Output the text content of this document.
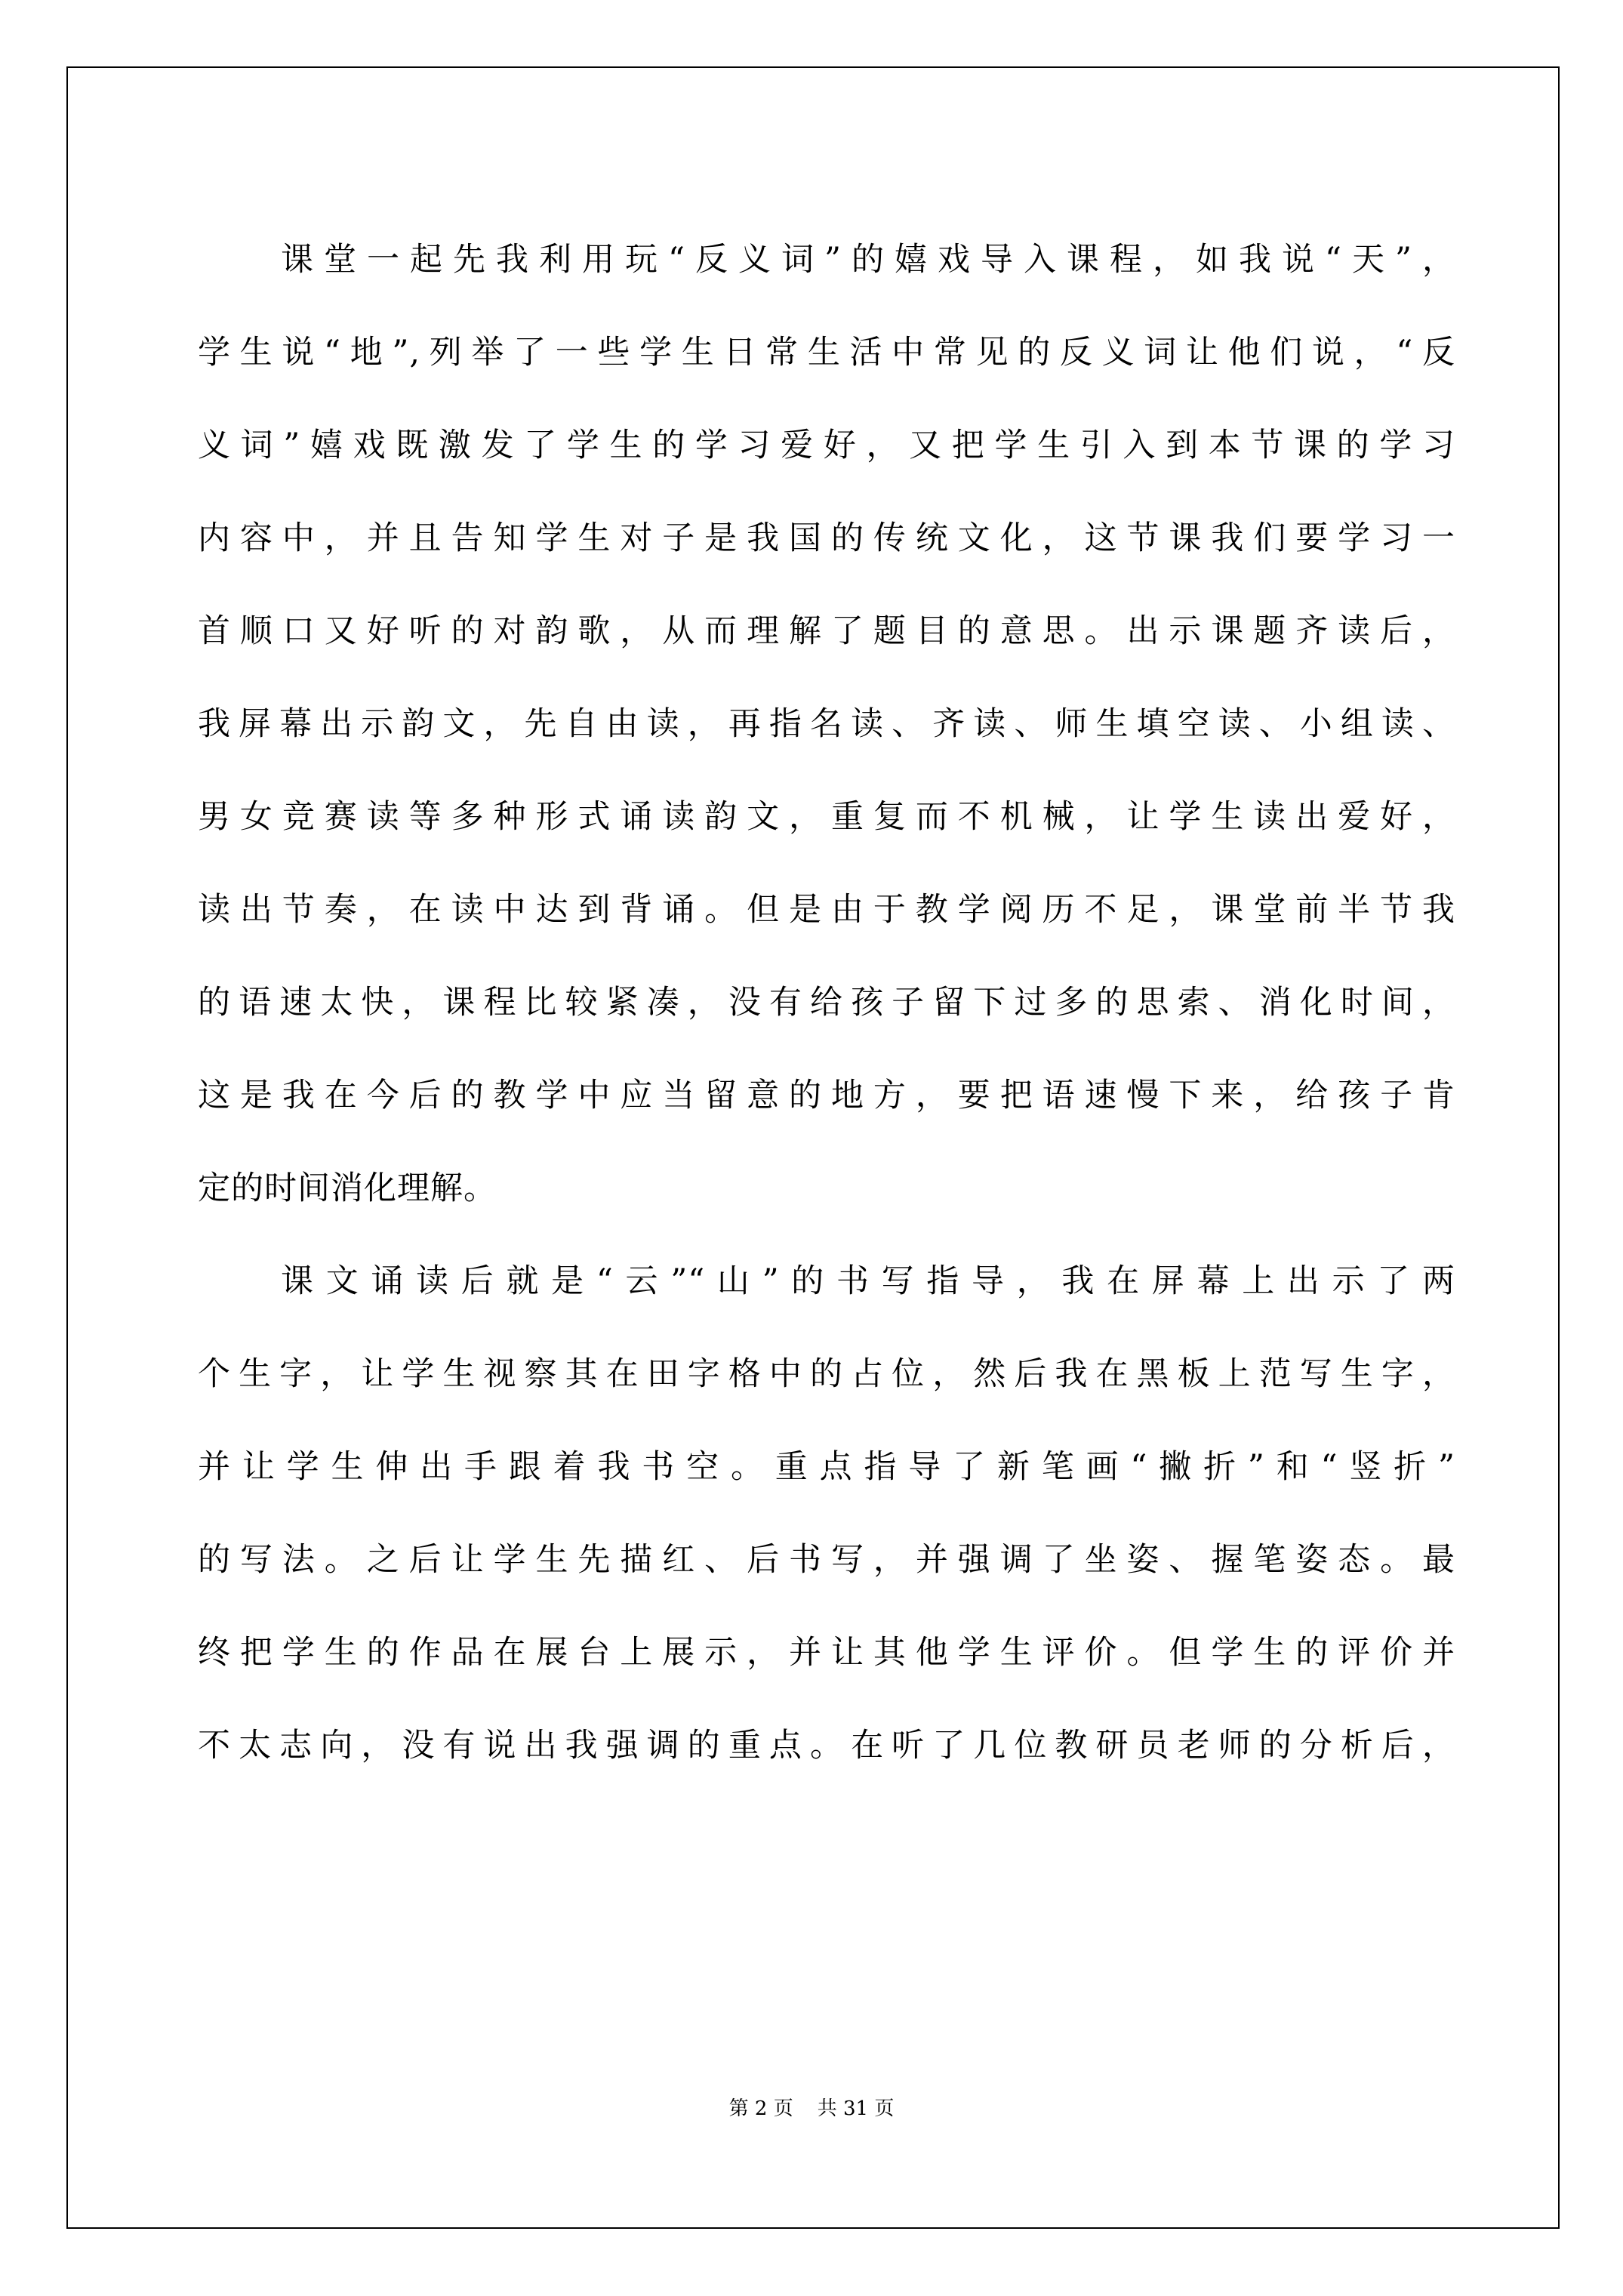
课堂一起先我利用玩“反义词”的嬉戏导入课程，如我说“天”，
学生说“地”,列举了一些学生日常生活中常见的反义词让他们说，“反
义词”嬉戏既激发了学生的学习爱好，又把学生引入到本节课的学习
内容中，并且告知学生对子是我国的传统文化，这节课我们要学习一
首顺口又好听的对韵歌，从而理解了题目的意思。出示课题齐读后，
我屏幕出示韵文，先自由读，再指名读、齐读、师生填空读、小组读、
男女竞赛读等多种形式诵读韵文，重复而不机械，让学生读出爱好，
读出节奏，在读中达到背诵。但是由于教学阅历不足，课堂前半节我
的语速太快，课程比较紧凑，没有给孩子留下过多的思索、消化时间，
这是我在今后的教学中应当留意的地方，要把语速慢下来，给孩子肯
定的时间消化理解。
课文诵读后就是“云”“山”的书写指导，我在屏幕上出示了两
个生字，让学生视察其在田字格中的占位，然后我在黑板上范写生字，
并让学生伸出手跟着我书空。重点指导了新笔画“撇折”和“竖折”
的写法。之后让学生先描红、后书写，并强调了坐姿、握笔姿态。最
终把学生的作品在展台上展示，并让其他学生评价。但学生的评价并
不太志向，没有说出我强调的重点。在听了几位教研员老师的分析后，
第 2 页 共 31 页
